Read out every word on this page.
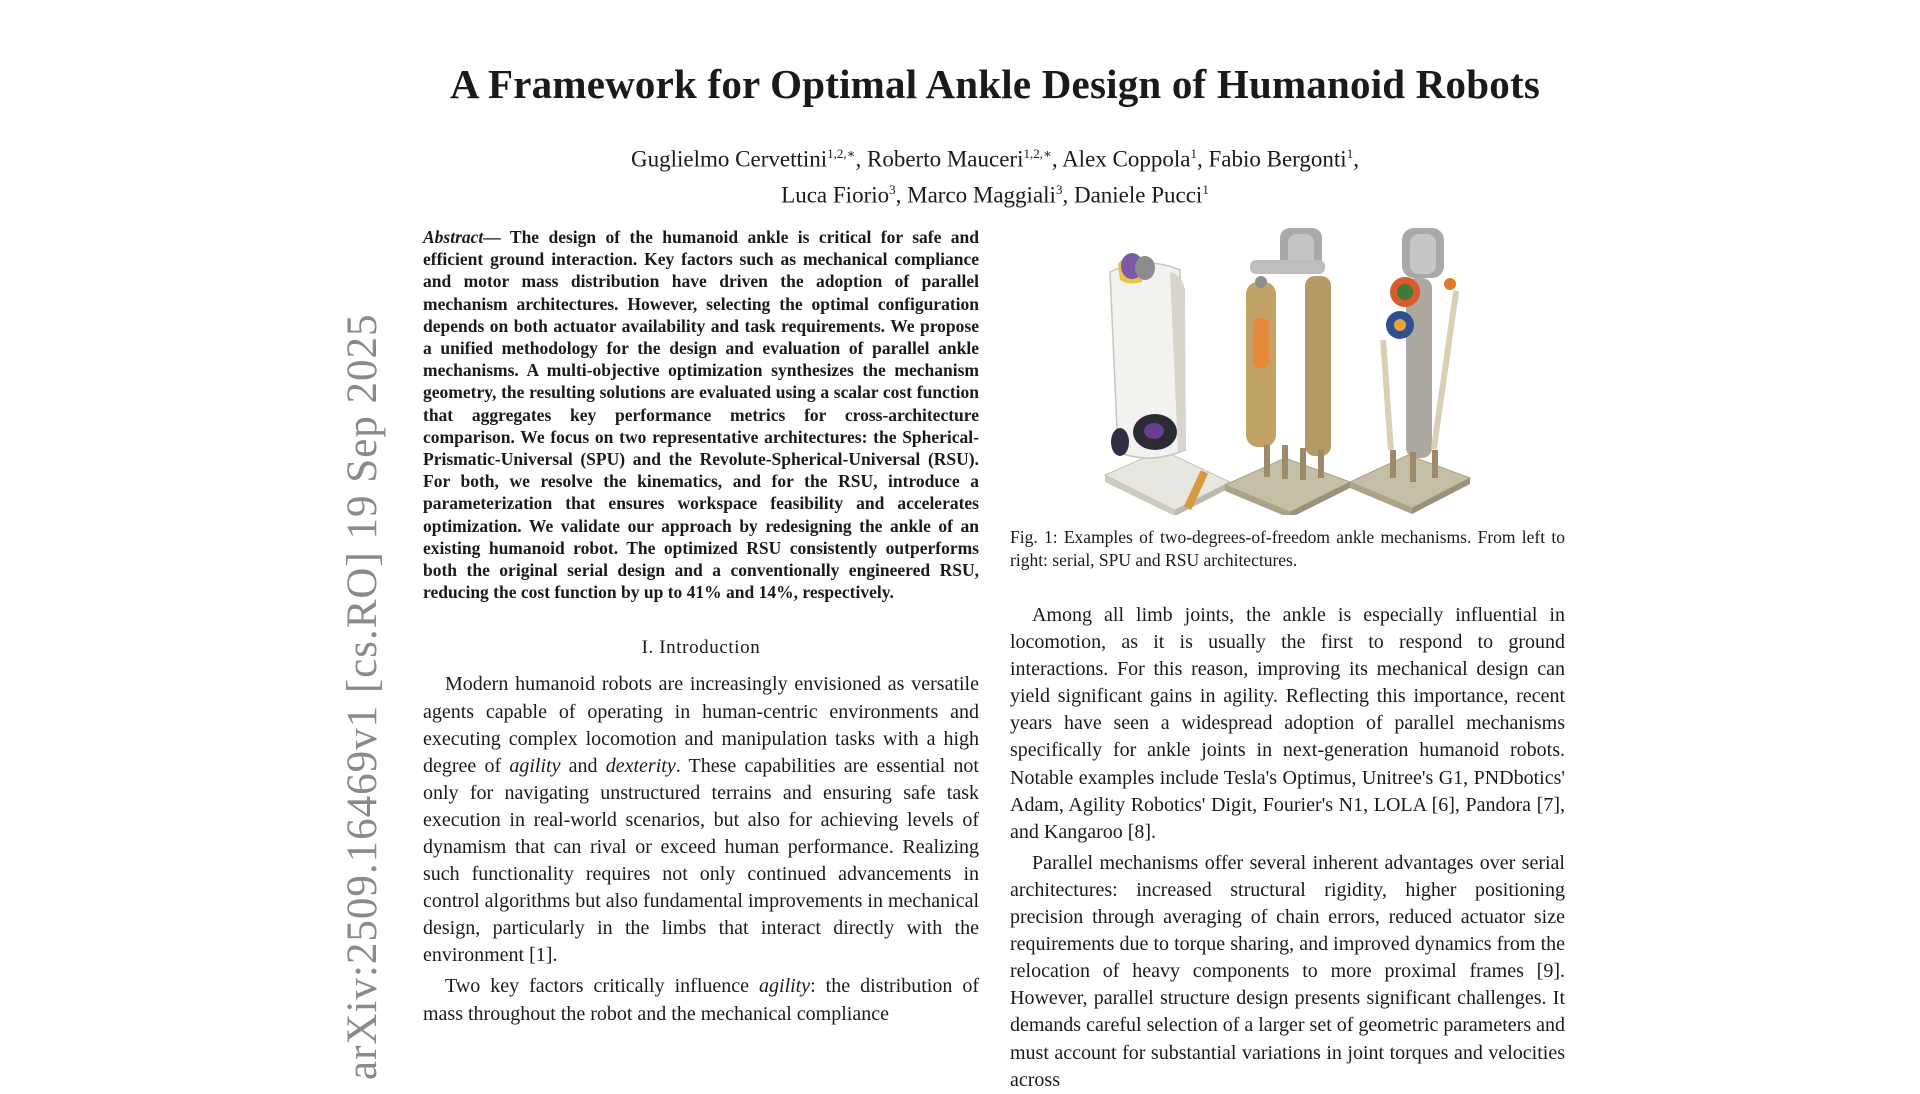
arXiv:2509.16469v1 [cs.RO] 19 Sep 2025
A Framework for Optimal Ankle Design of Humanoid Robots
Guglielmo Cervettini$^{1,2,∗}$, Roberto Mauceri$^{1,2,∗}$, Alex Coppola$^1$, Fabio Bergonti$^1$,
Luca Fiorio$^3$, Marco Maggiali$^3$, Daniele Pucci$^1$

Abstract— The design of the humanoid ankle is critical for safe and efficient ground interaction. Key factors such as mechanical compliance and motor mass distribution have driven the adoption of parallel mechanism architectures. However, selecting the optimal configuration depends on both actuator availability and task requirements. We propose a unified methodology for the design and evaluation of parallel ankle mechanisms. A multi-objective optimization synthesizes the mechanism geometry, the resulting solutions are evaluated using a scalar cost function that aggregates key performance metrics for cross-architecture comparison. We focus on two representative architectures: the Spherical-Prismatic-Universal (SPU) and the Revolute-Spherical-Universal (RSU). For both, we resolve the kinematics, and for the RSU, introduce a parameterization that ensures workspace feasibility and accelerates optimization. We validate our approach by redesigning the ankle of an existing humanoid robot. The optimized RSU consistently outperforms both the original serial design and a conventionally engineered RSU, reducing the cost function by up to 41% and 14%, respectively.

I. Introduction

Modern humanoid robots are increasingly envisioned as versatile agents capable of operating in human-centric environments and executing complex locomotion and manipulation tasks with a high degree of agility and dexterity. These capabilities are essential not only for navigating unstructured terrains and ensuring safe task execution in real-world scenarios, but also for achieving levels of dynamism that can rival or exceed human performance. Realizing such functionality requires not only continued advancements in control algorithms but also fundamental improvements in mechanical design, particularly in the limbs that interact directly with the environment [1].

Two key factors critically influence agility: the distribution of mass throughout the robot and the mechanical compliance

Fig. 1: Examples of two-degrees-of-freedom ankle mechanisms. From left to right: serial, SPU and RSU architectures.

Among all limb joints, the ankle is especially influential in locomotion, as it is usually the first to respond to ground interactions. For this reason, improving its mechanical design can yield significant gains in agility. Reflecting this importance, recent years have seen a widespread adoption of parallel mechanisms specifically for ankle joints in next-generation humanoid robots. Notable examples include Tesla's Optimus, Unitree's G1, PNDbotics' Adam, Agility Robotics' Digit, Fourier's N1, LOLA [6], Pandora [7], and Kangaroo [8].

Parallel mechanisms offer several inherent advantages over serial architectures: increased structural rigidity, higher positioning precision through averaging of chain errors, reduced actuator size requirements due to torque sharing, and improved dynamics from the relocation of heavy components to more proximal frames [9]. However, parallel structure design presents significant challenges. It demands careful selection of a larger set of geometric parameters and must account for substantial variations in joint torques and velocities across
